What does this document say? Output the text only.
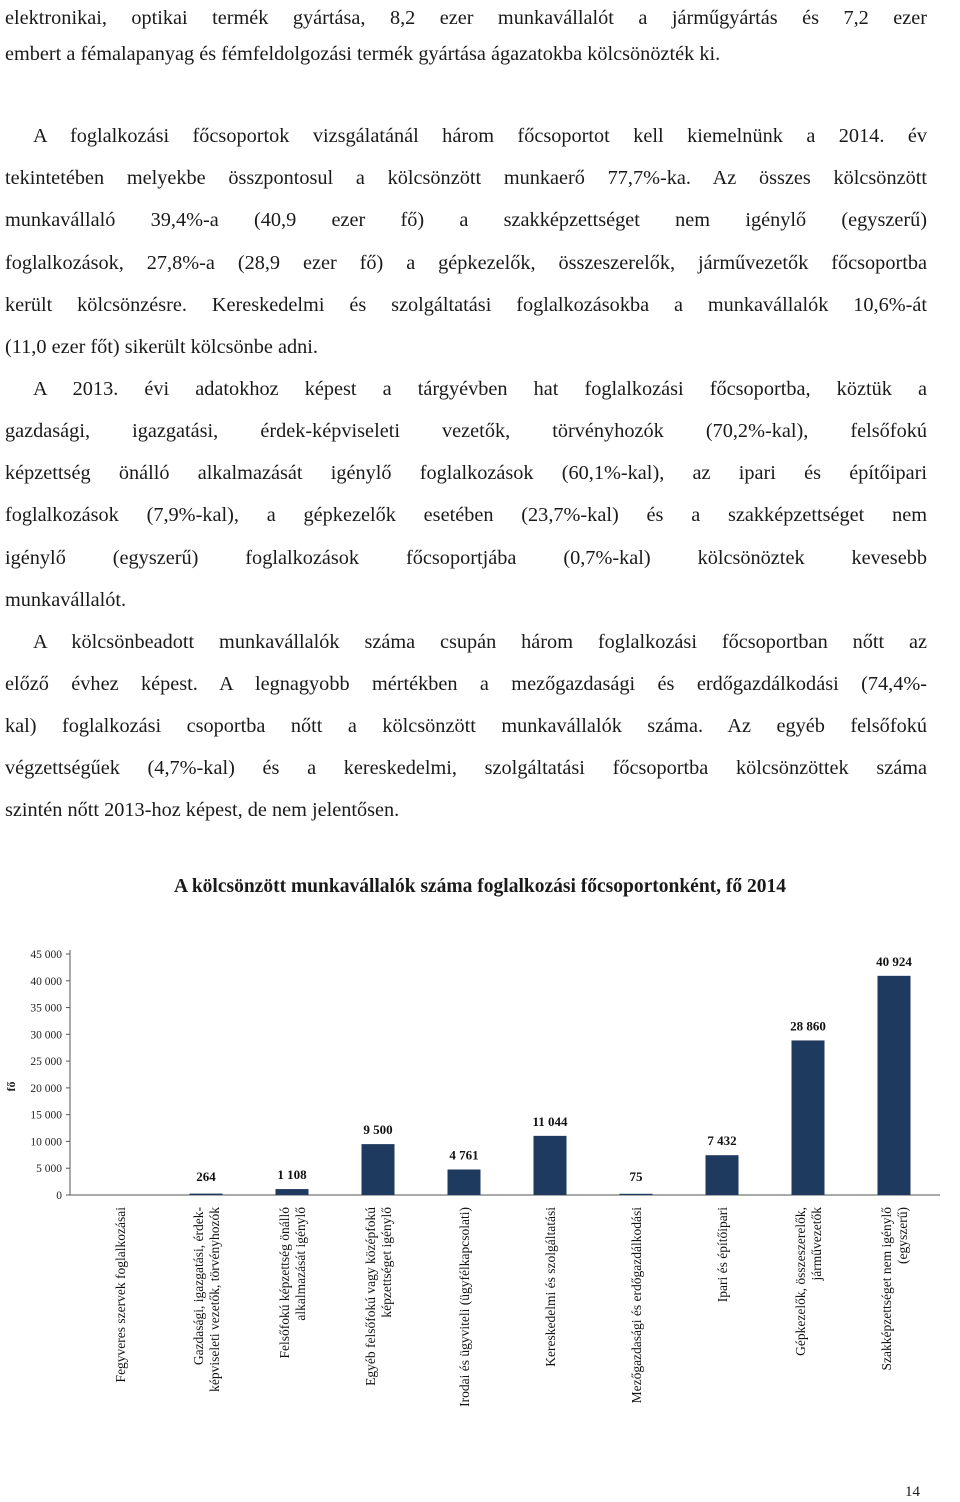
elektronikai, optikai termék gyártása, 8,2 ezer munkavállalót a járműgyártás és 7,2 ezer
embert a fémalapanyag és fémfeldolgozási termék gyártása ágazatokba kölcsönözték ki.
A foglalkozási főcsoportok vizsgálatánál három főcsoportot kell kiemelnünk a 2014. év
tekintetében melyekbe összpontosul a kölcsönzött munkaerő 77,7%-ka. Az összes kölcsönzött
munkavállaló 39,4%-a (40,9 ezer fő) a szakképzettséget nem igénylő (egyszerű)
foglalkozások, 27,8%-a (28,9 ezer fő) a gépkezelők, összeszerelők, járművezetők főcsoportba
került kölcsönzésre. Kereskedelmi és szolgáltatási foglalkozásokba a munkavállalók 10,6%-át
(11,0 ezer főt) sikerült kölcsönbe adni.
A 2013. évi adatokhoz képest a tárgyévben hat foglalkozási főcsoportba, köztük a
gazdasági, igazgatási, érdek-képviseleti vezetők, törvényhozók (70,2%-kal), felsőfokú
képzettség önálló alkalmazását igénylő foglalkozások (60,1%-kal), az ipari és építőipari
foglalkozások (7,9%-kal), a gépkezelők esetében (23,7%-kal) és a szakképzettséget nem
igénylő (egyszerű) foglalkozások főcsoportjába (0,7%-kal) kölcsönöztek kevesebb
munkavállalót.
A kölcsönbeadott munkavállalók száma csupán három foglalkozási főcsoportban nőtt az
előző évhez képest. A legnagyobb mértékben a mezőgazdasági és erdőgazdálkodási (74,4%-
kal) foglalkozási csoportba nőtt a kölcsönzött munkavállalók száma. Az egyéb felsőfokú
végzettségűek (4,7%-kal) és a kereskedelmi, szolgáltatási főcsoportba kölcsönzöttek száma
szintén nőtt 2013-hoz képest, de nem jelentősen.
A kölcsönzött munkavállalók száma foglalkozási főcsoportonként, fő 2014
0
5 000
10 000
15 000
20 000
25 000
30 000
35 000
40 000
45 000
fő
Fegyveres szervek foglalkozásai
264
Gazdasági, igazgatási, érdek- képviseleti vezetők, törvényhozók
1 108
Felsőfokú képzettség önálló alkalmazását igénylő
9 500
Egyéb felsőfokú vagy középfokú képzettséget igénylő
4 761
Irodai és ügyviteli (ügyfélkapcsolati)
11 044
Kereskedelmi és szolgáltatási
75
Mezőgazdasági és erdőgazdálkodási
7 432
Ipari és építőipari
28 860
Gépkezelők, összeszerelők, járművezetők
40 924
Szakképzettséget nem igénylő (egyszerű)
14
